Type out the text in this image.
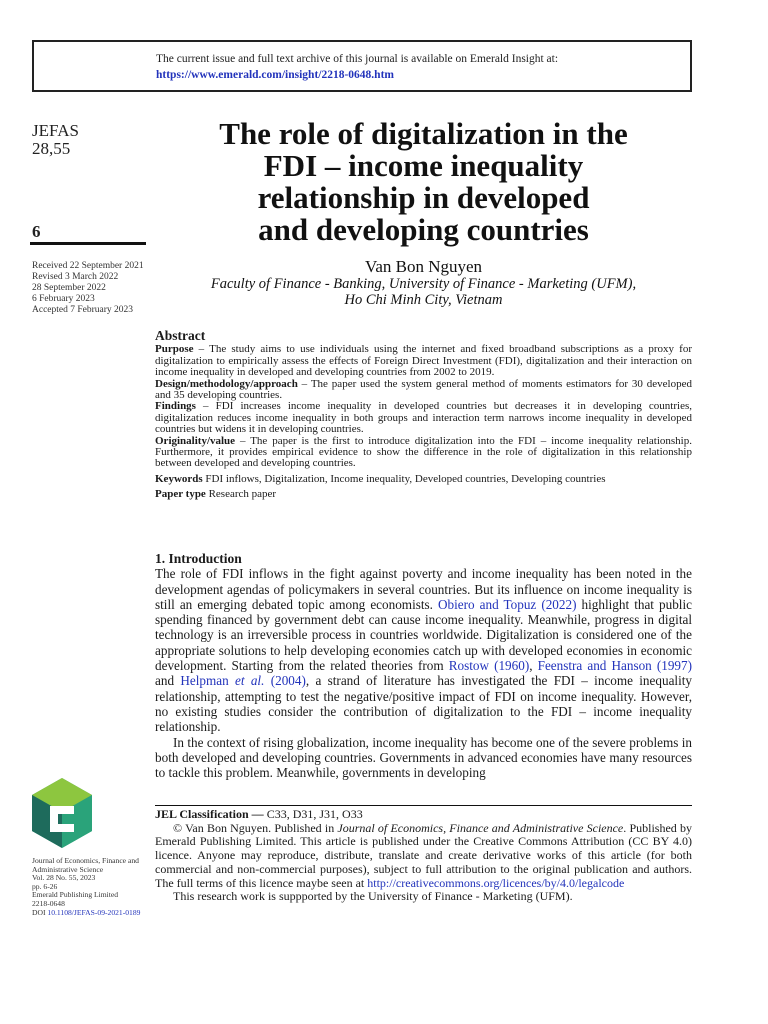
The current issue and full text archive of this journal is available on Emerald Insight at:
https://www.emerald.com/insight/2218-0648.htm
JEFAS
28,55
6
Received 22 September 2021
Revised 3 March 2022
28 September 2022
6 February 2023
Accepted 7 February 2023
The role of digitalization in the
FDI – income inequality
relationship in developed
and developing countries
Van Bon Nguyen
Faculty of Finance - Banking, University of Finance - Marketing (UFM),
Ho Chi Minh City, Vietnam
Abstract
Purpose – The study aims to use individuals using the internet and fixed broadband subscriptions as a proxy for digitalization to empirically assess the effects of Foreign Direct Investment (FDI), digitalization and their interaction on income inequality in developed and developing countries from 2002 to 2019.
Design/methodology/approach – The paper used the system general method of moments estimators for 30 developed and 35 developing countries.
Findings – FDI increases income inequality in developed countries but decreases it in developing countries, digitalization reduces income inequality in both groups and interaction term narrows income inequality in developed countries but widens it in developing countries.
Originality/value – The paper is the first to introduce digitalization into the FDI – income inequality relationship. Furthermore, it provides empirical evidence to show the difference in the role of digitalization in this relationship between developed and developing countries.
Keywords FDI inflows, Digitalization, Income inequality, Developed countries, Developing countries
Paper type Research paper
1. Introduction

The role of FDI inflows in the fight against poverty and income inequality has been noted in the development agendas of policymakers in several countries. But its influence on income inequality is still an emerging debated topic among economists. Obiero and Topuz (2022) highlight that public spending financed by government debt can cause income inequality. Meanwhile, progress in digital technology is an irreversible process in countries worldwide. Digitalization is considered one of the appropriate solutions to help developing economies catch up with developed economies in economic development. Starting from the related theories from Rostow (1960), Feenstra and Hanson (1997) and Helpman et al. (2004), a strand of literature has investigated the FDI – income inequality relationship, attempting to test the negative/positive impact of FDI on income inequality. However, no existing studies consider the contribution of digitalization to the FDI – income inequality relationship.

In the context of rising globalization, income inequality has become one of the severe problems in both developed and developing countries. Governments in advanced economies have many resources to tackle this problem. Meanwhile, governments in developing

JEL Classification — C33, D31, J31, O33

© Van Bon Nguyen. Published in Journal of Economics, Finance and Administrative Science. Published by Emerald Publishing Limited. This article is published under the Creative Commons Attribution (CC BY 4.0) licence. Anyone may reproduce, distribute, translate and create derivative works of this article (for both commercial and non-commercial purposes), subject to full attribution to the original publication and authors. The full terms of this licence maybe seen at http://creativecommons.org/licences/by/4.0/legalcode

This research work is suppported by the University of Finance - Marketing (UFM).

Journal of Economics, Finance and
Administrative Science
Vol. 28 No. 55, 2023
pp. 6-26
Emerald Publishing Limited
2218-0648
DOI 10.1108/JEFAS-09-2021-0189
